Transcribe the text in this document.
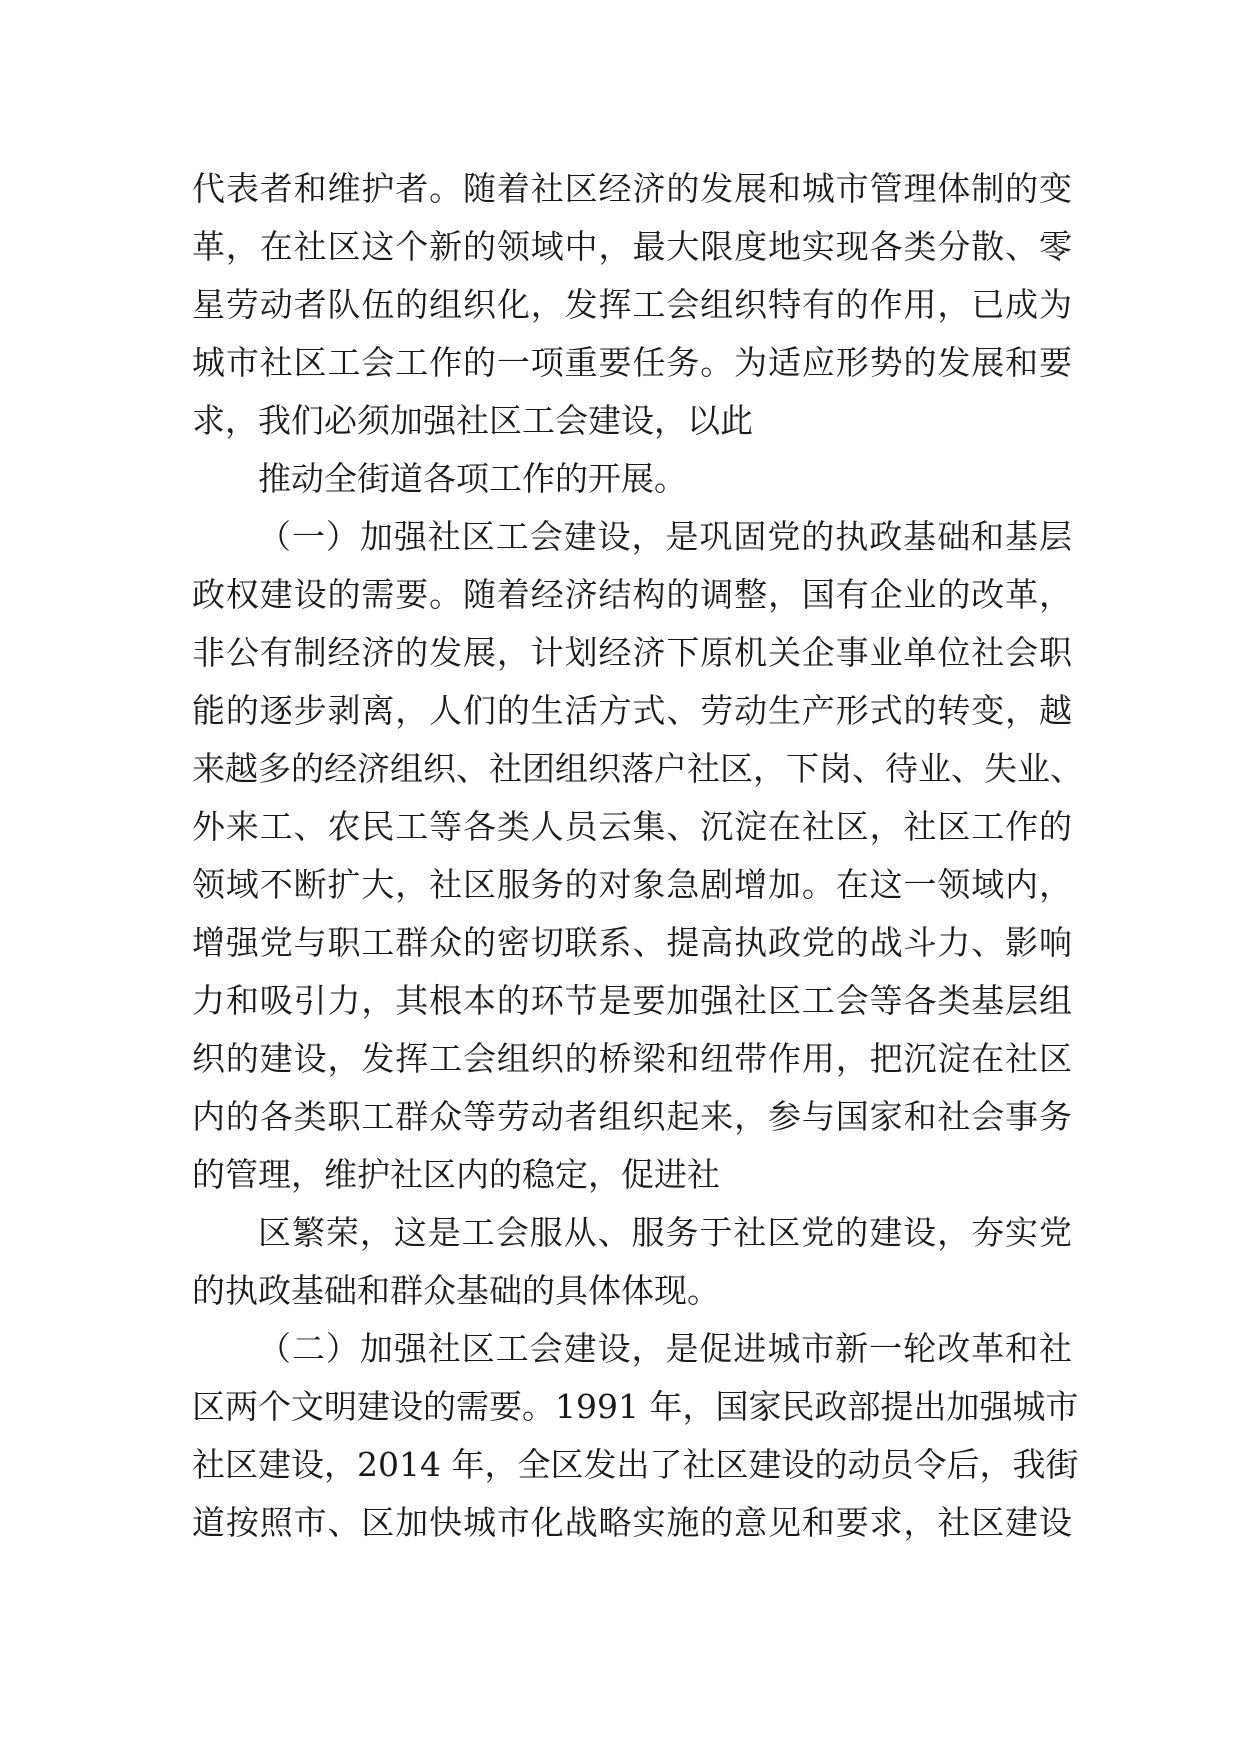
代表者和维护者。随着社区经济的发展和城市管理体制的变
革，在社区这个新的领域中，最大限度地实现各类分散、零
星劳动者队伍的组织化，发挥工会组织特有的作用，已成为
城市社区工会工作的一项重要任务。为适应形势的发展和要
求，我们必须加强社区工会建设，以此
推动全街道各项工作的开展。
（一）加强社区工会建设，是巩固党的执政基础和基层
政权建设的需要。随着经济结构的调整，国有企业的改革，
非公有制经济的发展，计划经济下原机关企事业单位社会职
能的逐步剥离，人们的生活方式、劳动生产形式的转变，越
来越多的经济组织、社团组织落户社区，下岗、待业、失业、
外来工、农民工等各类人员云集、沉淀在社区，社区工作的
领域不断扩大，社区服务的对象急剧增加。在这一领域内，
增强党与职工群众的密切联系、提高执政党的战斗力、影响
力和吸引力，其根本的环节是要加强社区工会等各类基层组
织的建设，发挥工会组织的桥梁和纽带作用，把沉淀在社区
内的各类职工群众等劳动者组织起来，参与国家和社会事务
的管理，维护社区内的稳定，促进社
区繁荣，这是工会服从、服务于社区党的建设，夯实党
的执政基础和群众基础的具体体现。
（二）加强社区工会建设，是促进城市新一轮改革和社
区两个文明建设的需要。1991 年，国家民政部提出加强城市
社区建设，2014 年，全区发出了社区建设的动员令后，我街
道按照市、区加快城市化战略实施的意见和要求，社区建设
